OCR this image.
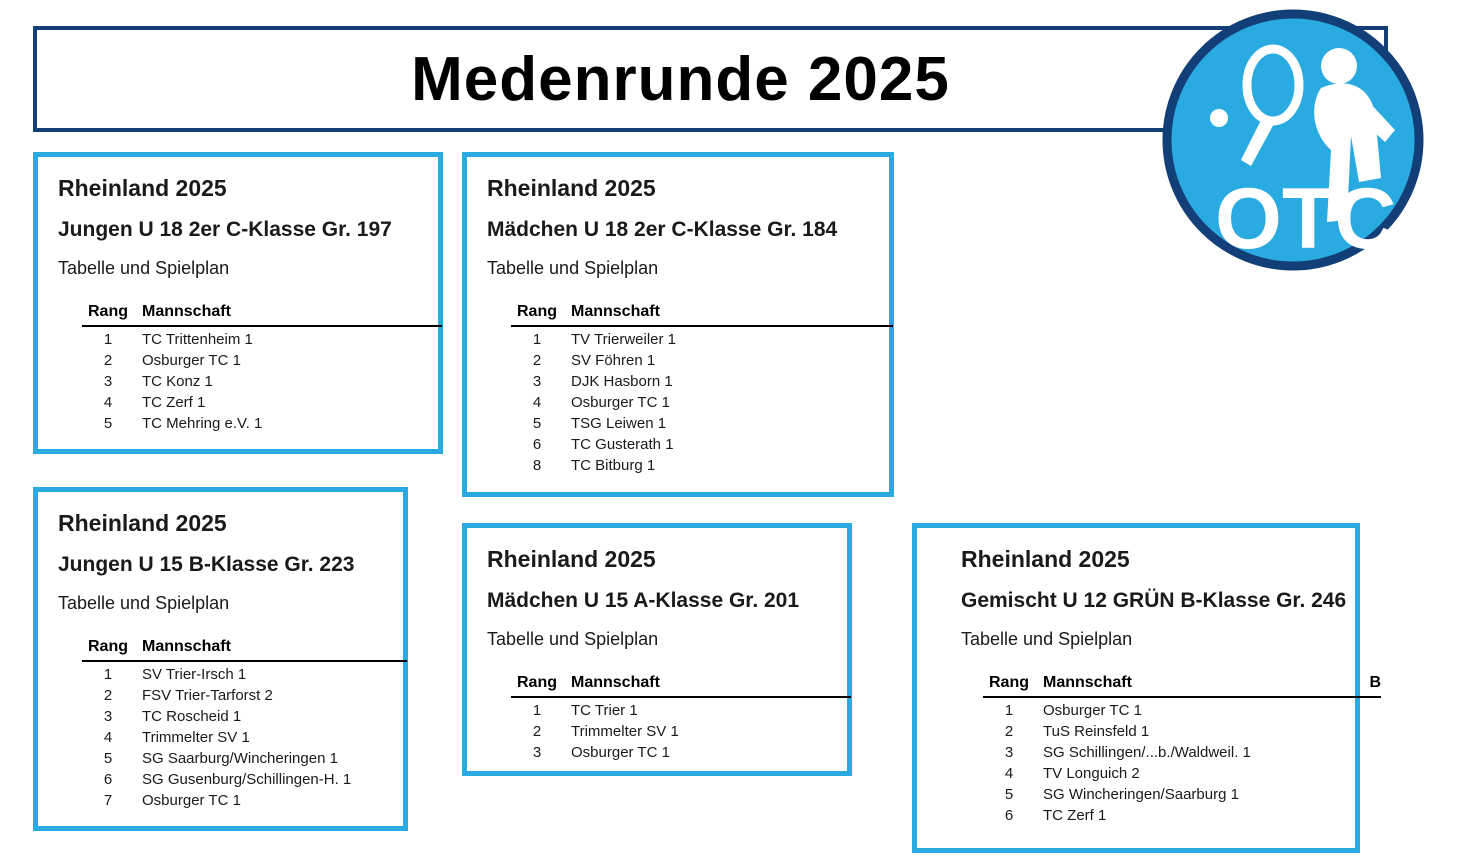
Medenrunde 2025
OTC
Rheinland 2025
Jungen U 18 2er C-Klasse Gr. 197
Tabelle und Spielplan
Rang	Mannschaft
1	TC Trittenheim 1
2	Osburger TC 1
3	TC Konz 1
4	TC Zerf 1
5	TC Mehring e.V. 1
Rheinland 2025
Mädchen U 18 2er C-Klasse Gr. 184
Tabelle und Spielplan
Rang	Mannschaft
1	TV Trierweiler 1
2	SV Föhren 1
3	DJK Hasborn 1
4	Osburger TC 1
5	TSG Leiwen 1
6	TC Gusterath 1
8	TC Bitburg 1
Rheinland 2025
Jungen U 15 B-Klasse Gr. 223
Tabelle und Spielplan
Rang	Mannschaft
1	SV Trier-Irsch 1
2	FSV Trier-Tarforst 2
3	TC Roscheid 1
4	Trimmelter SV 1
5	SG Saarburg/Wincheringen 1
6	SG Gusenburg/Schillingen-H. 1
7	Osburger TC 1
Rheinland 2025
Mädchen U 15 A-Klasse Gr. 201
Tabelle und Spielplan
Rang	Mannschaft
1	TC Trier 1
2	Trimmelter SV 1
3	Osburger TC 1
Rheinland 2025
Gemischt U 12 GRÜN B-Klasse Gr. 246
Tabelle und Spielplan
Rang	Mannschaft	B
1	Osburger TC 1	
2	TuS Reinsfeld 1	
3	SG Schillingen/...b./Waldweil. 1	
4	TV Longuich 2	
5	SG Wincheringen/Saarburg 1	
6	TC Zerf 1	
